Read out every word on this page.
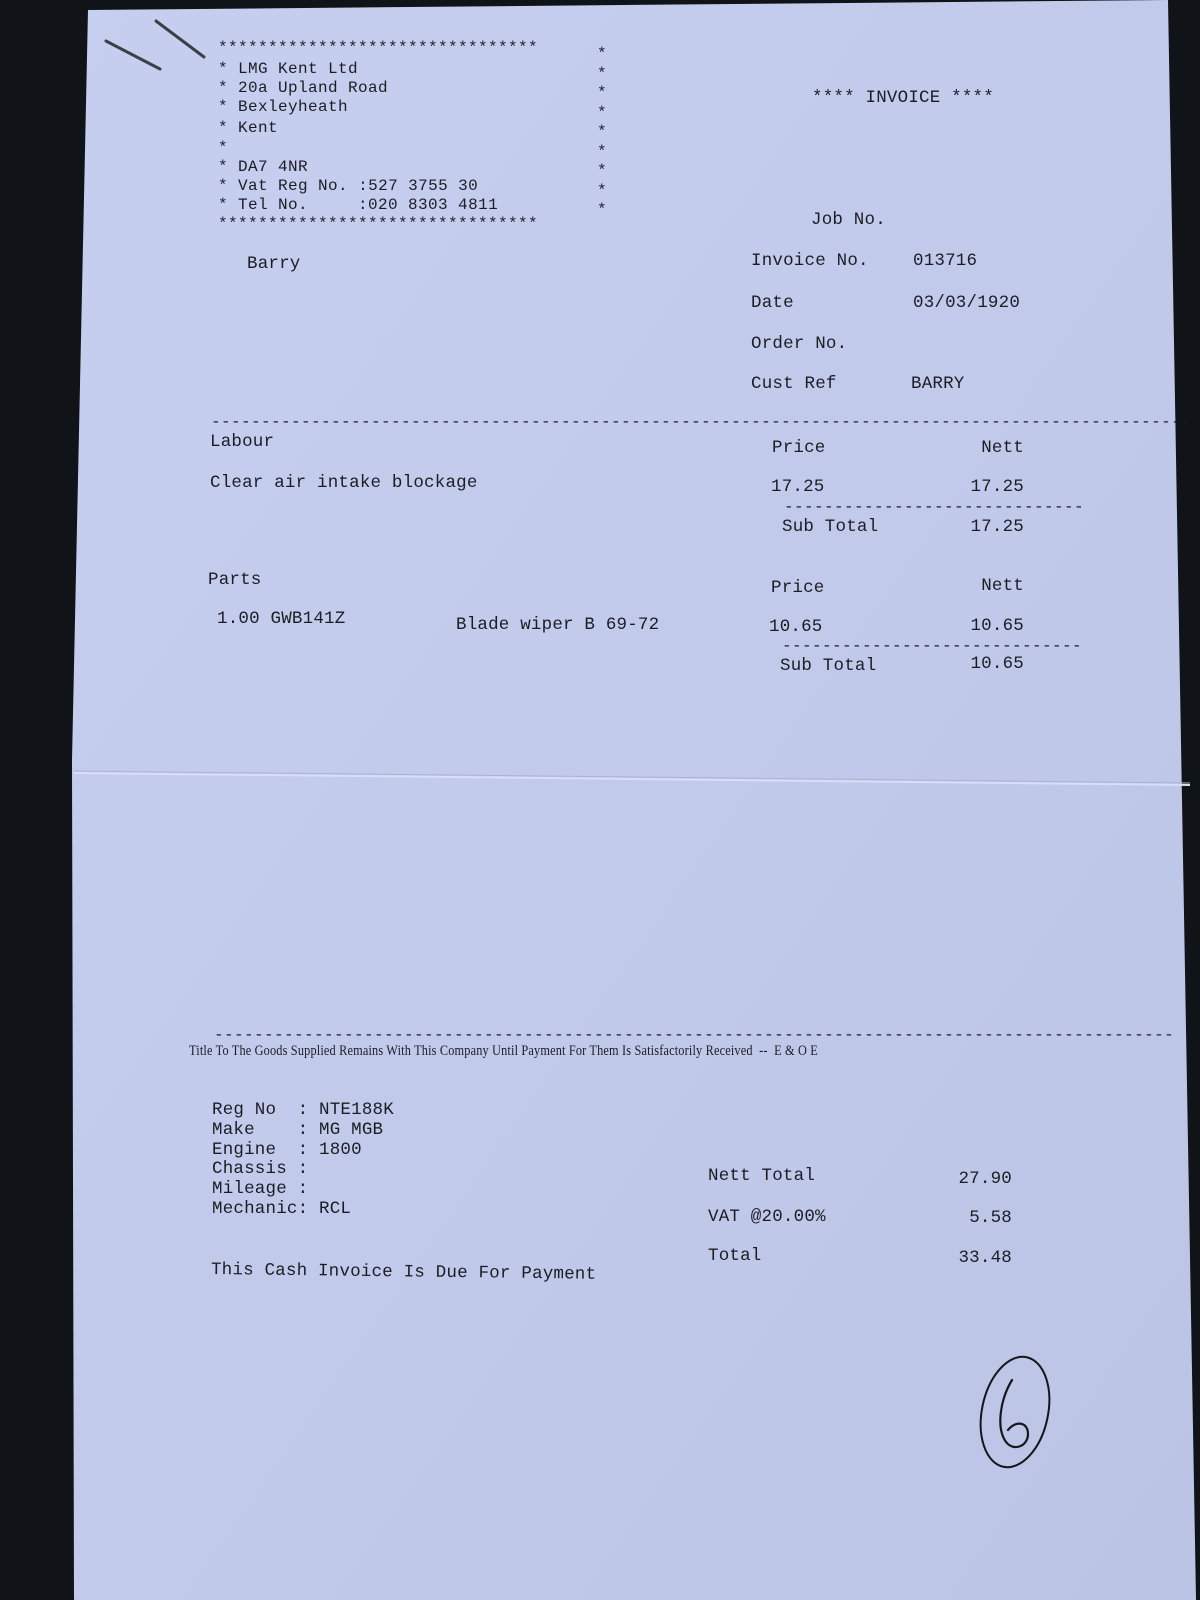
********************************
* LMG Kent Ltd
* 20a Upland Road
* Bexleyheath
* Kent
*
* DA7 4NR
* Vat Reg No. :527 3755 30
* Tel No.	:020 8303 4811
********************************
*
*
*
*
*
*
*
*
*
**** INVOICE ****
Job No.
Invoice No.	013716
Date	03/03/1920
Order No.
Cust Ref	BARRY
Barry
--------------------------------------------------------------------------------------------------
Labour	Price	Nett
Clear air intake blockage	17.25	17.25
------------------------------
Sub Total	17.25
Parts	Price	Nett
1.00 GWB141Z	Blade wiper B 69-72	10.65	10.65
------------------------------
Sub Total	10.65
------------------------------------------------------------------------------------------------
Title To The Goods Supplied Remains With This Company Until Payment For Them Is Satisfactorily Received  --  E & O E
Reg No  : NTE188K
Make    : MG MGB
Engine  : 1800
Chassis :
Mileage :
Mechanic: RCL
This Cash Invoice Is Due For Payment
Nett Total	27.90
VAT @20.00%	5.58
Total	33.48
